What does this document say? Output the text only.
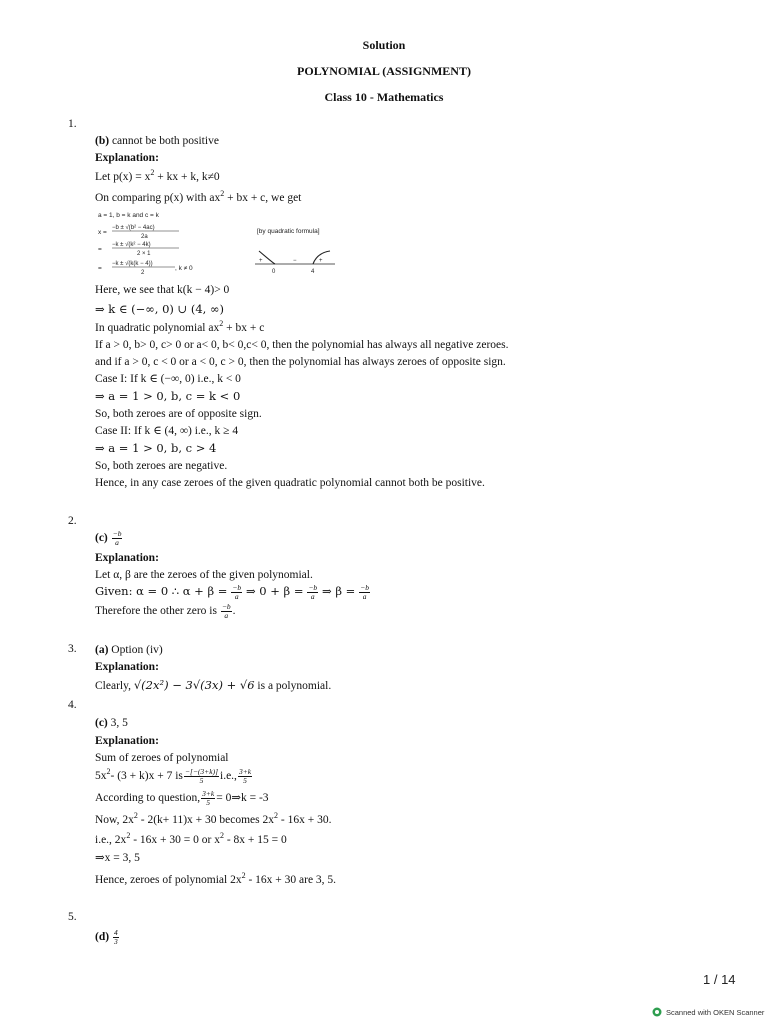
Solution
POLYNOMIAL (ASSIGNMENT)
Class 10 - Mathematics
1.
(b) cannot be both positive
Explanation:
Let $p(x) = x^2$ + kx + k, k≠0
On comparing p(x) with $ax^2$ + bx + c, we get
a = 1, b = k and c = k
x =
−b ± √(b² − 4ac)
2a
=
−k ± √(k² − 4k)
2 × 1
=
−k ± √(k(k − 4))
2
, k ≠ 0
[by quadratic formula]
+
0
−
4
+
Here, we see that k(k − 4)> 0
⇒ k ∈ (−∞, 0) ∪ (4, ∞)
In quadratic polynomial $ax^2$ + bx + c
If a > 0, b> 0, c> 0 or a< 0, b< 0,c< 0, then the polynomial has always all negative zeroes.
and if a > 0, c < 0 or a < 0, c > 0, then the polynomial has always zeroes of opposite sign.
Case I: If k ∈ (−∞, 0) i.e., k < 0
⇒ a = 1 > 0, b, c = k < 0
So, both zeroes are of opposite sign.
Case II: If k ∈ (4, ∞) i.e., k ≥ 4
⇒ a = 1 > 0, b, c > 4
So, both zeroes are negative.
Hence, in any case zeroes of the given quadratic polynomial cannot both be positive.
2.
$(c) \frac{-b}{a}$
Explanation:
Let α, β are the zeroes of the given polynomial.
Given: α = 0 ∴ $\alpha + \beta = \frac{-b}{a}$ ⇒ $0 + \beta = \frac{-b}{a}$ ⇒ $\beta = \frac{-b}{a}$
Therefore the other zero is $\frac{-b}{a}$ .
3. (a) Option (iv)
Explanation:
Clearly, √(2x²) − 3√(3x) + √6 is a polynomial.
4.
(c) 3, 5
Explanation:
Sum of zeroes of polynomial
$5x^2-$ (3 + k)x + 7 is $\frac{-[-(3+k)]}{5} i.e$., $\frac{3+k}{5}$
According to question, $\frac{3+k}{5}$ = 0⇒k = -3
Now, $2x^2 - 2(k+ 11)x + 30$ becomes $2x^2 - 16x + 30$.
i.e., $2x^2 - 16x + 30 = 0$ or $x^2 - 8x + 15 = 0$
⇒x = 3, 5
Hence, zeroes of polynomial $2x^2 - 16x + 30$ are 3, 5.
5.
$(d) \frac{4}{3}$
1 / 14
Scanned with OKEN Scanner
